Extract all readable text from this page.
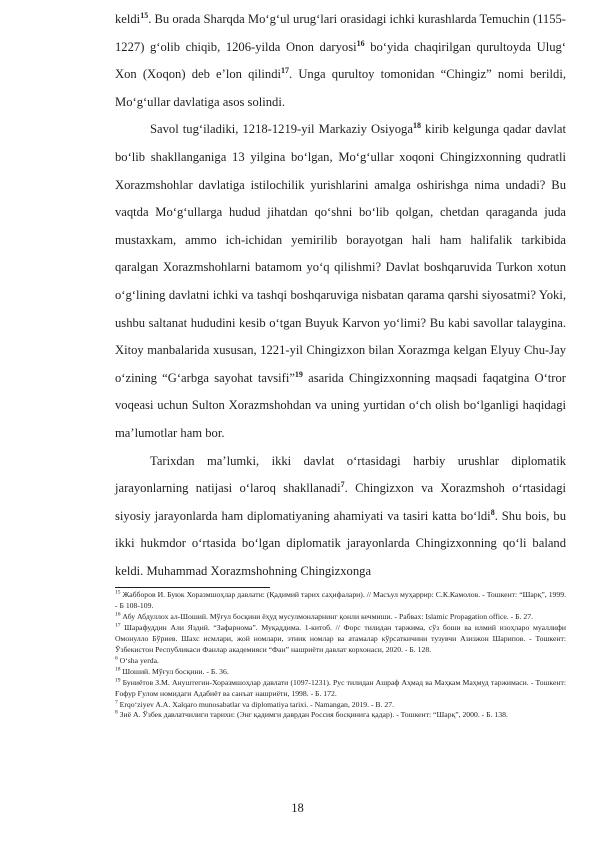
keldi$^{15}$. Bu orada Sharqda Mo‘g‘ul urug‘lari orasidagi ichki kurashlarda Temuchin (1155-1227) g‘olib chiqib, 1206-yilda Onon daryosi$^{16}$ bo‘yida chaqirilgan qurultoyda Ulug‘ Xon (Xoqon) deb e’lon qilindi$^{17}$. Unga qurultoy tomonidan “Chingiz” nomi berildi, Mo‘g‘ullar davlatiga asos solindi.

Savol tug‘iladiki, 1218-1219-yil Markaziy Osiyoga$^{18}$ kirib kelgunga qadar davlat bo‘lib shakllanganiga 13 yilgina bo‘lgan, Mo‘g‘ullar xoqoni Chingizxonning qudratli Xorazmshohlar davlatiga istilochilik yurishlarini amalga oshirishga nima undadi? Bu vaqtda Mo‘g‘ullarga hudud jihatdan qo‘shni bo‘lib qolgan, chetdan qaraganda juda mustaxkam, ammo ich-ichidan yemirilib borayotgan hali ham halifalik tarkibida qaralgan Xorazmshohlarni batamom yo‘q qilishmi? Davlat boshqaruvida Turkon xotun o‘g‘lining davlatni ichki va tashqi boshqaruviga nisbatan qarama qarshi siyosatmi? Yoki, ushbu saltanat hududini kesib o‘tgan Buyuk Karvon yo‘limi? Bu kabi savollar talaygina. Xitoy manbalarida xususan, 1221-yil Chingizxon bilan Xorazmga kelgan Elyuy Chu-Jay o‘zining “G‘arbga sayohat tavsifi”$^{19}$ asarida Chingizxonning maqsadi faqatgina O‘tror voqeasi uchun Sulton Xorazmshohdan va uning yurtidan o‘ch olish bo‘lganligi haqidagi ma’lumotlar ham bor.

Tarixdan ma’lumki, ikki davlat o‘rtasidagi harbiy urushlar diplomatik jarayonlarning natijasi o‘laroq shakllanadi$^7$. Chingizxon va Xorazmshoh o‘rtasidagi siyosiy jarayonlarda ham diplomatiyaning ahamiyati va tasiri katta bo‘ldi$^8$. Shu bois, bu ikki hukmdor o‘rtasida bo‘lgan diplomatik jarayonlarda Chingizxonning qo‘li baland keldi. Muhammad Xorazmshohning Chingizxonga

$^{15}$ Жабборов И. Буюк Хоразмшоҳлар давлати: (Қадимий тарих саҳифалари). // Масъул муҳаррир: С.К.Камолов. - Тошкент: “Шарқ”, 1999. - Б 108-109.

$^{16}$ Абу Абдуллох ал-Шоший. Мўғул босқини ёҳуд мусулмонларнинг қонли кечмиши. - Рабвах: Islamic Propagation office. - Б. 27.

$^{17}$ Шарафуддин Али Яздий. “Зафарнома”. Муқаддима. 1-китоб. // Форс тилидан таржима, сўз боши ва илмий изоҳларо муаллифи Омонулло Бўриев. Шахс исмлари, жой номлари, этник номлар ва атамалар кўрсаткичини тузувчи Азизжон Шарипов. - Тошкент: Ўзбекистон Республикаси Фанлар академияси “Фан” нашриёти давлат корхонаси, 2020. - Б. 128.

$^6$ O‘sha yerda.

$^{18}$ Шоший. Мўғул босқини. - Б. 36.

$^{19}$ Буниётов З.М. Ануштегин-Хоразмшоҳлар давлати (1097-1231). Рус тилидан Ашраф Аҳмад ва Маҳкам Маҳмуд таржимаси. - Тошкент: Ғофур Ғулом номидаги Адабиёт ва санъат нашриёти, 1998. - Б. 172.

$^7$ Erqo‘ziyev A.A. Xalqaro munosabatlar va diplomatiya tarixi. - Namangan, 2019. - B. 27.

$^8$ Зиё А. Ўзбек давлатчилиги тарихи: (Энг қадимги даврдан Россия босқинига қадар). - Тошкент: “Шарқ”, 2000. - Б. 138.

18
